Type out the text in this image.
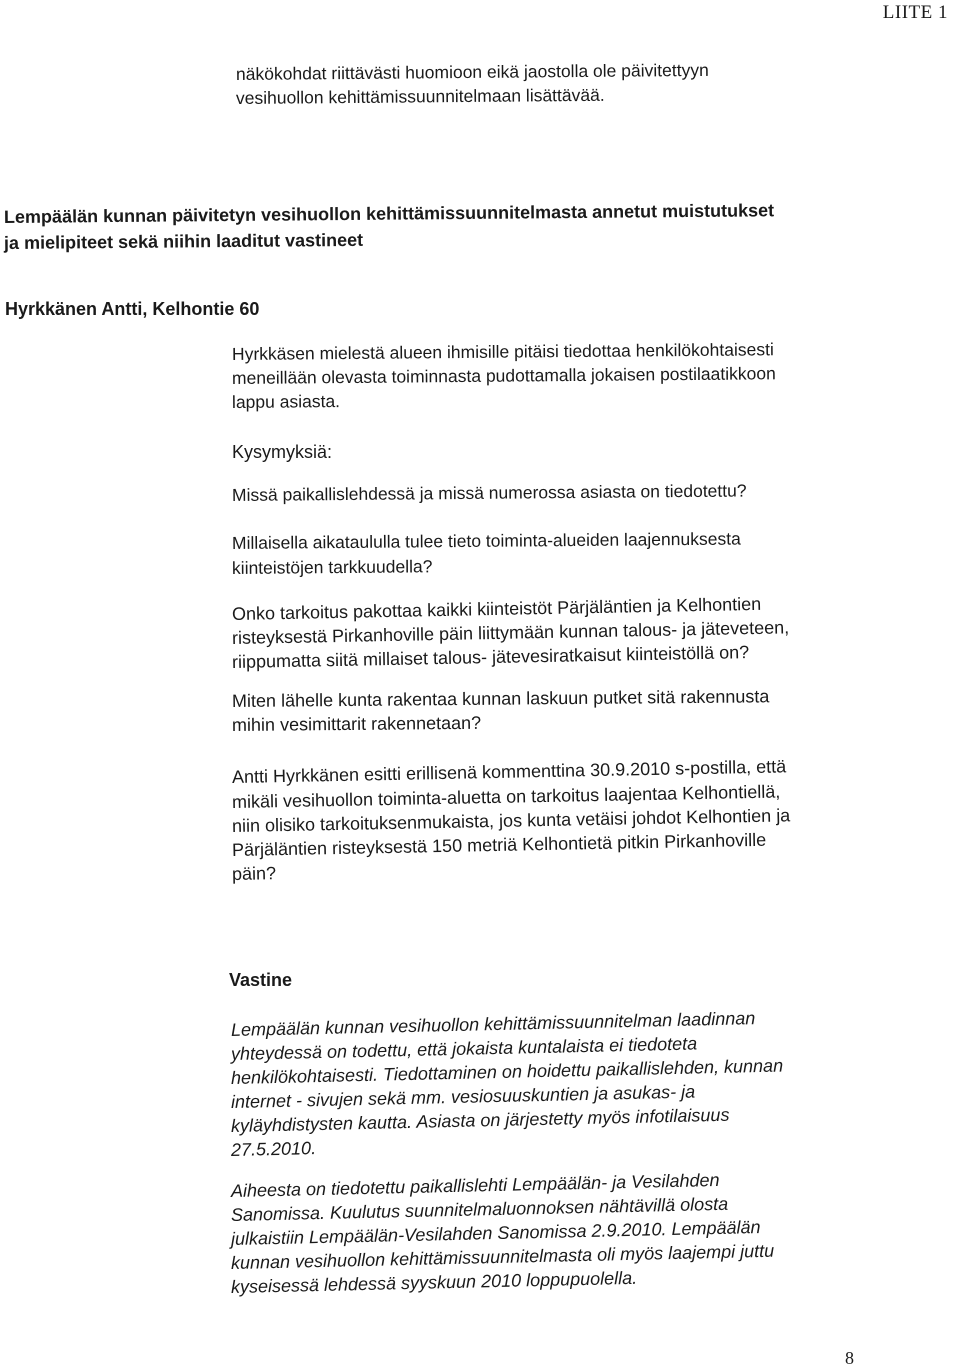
LIITE 1
näkökohdat riittävästi huomioon eikä jaostolla ole päivitettyyn
vesihuollon kehittämissuunnitelmaan lisättävää.
Lempäälän kunnan päivitetyn vesihuollon kehittämissuunnitelmasta annetut muistutukset
ja mielipiteet sekä niihin laaditut vastineet
Hyrkkänen Antti, Kelhontie 60
Hyrkkäsen mielestä alueen ihmisille pitäisi tiedottaa henkilökohtaisesti
meneillään olevasta toiminnasta pudottamalla jokaisen postilaatikkoon
lappu asiasta.
Kysymyksiä:
Missä paikallislehdessä ja missä numerossa asiasta on tiedotettu?
Millaisella aikataululla tulee tieto toiminta-alueiden laajennuksesta
kiinteistöjen tarkkuudella?
Onko tarkoitus pakottaa kaikki kiinteistöt Pärjäläntien ja Kelhontien
risteyksestä Pirkanhoville päin liittymään kunnan talous- ja jäteveteen,
riippumatta siitä millaiset talous- jätevesiratkaisut kiinteistöllä on?
Miten lähelle kunta rakentaa kunnan laskuun putket sitä rakennusta
mihin vesimittarit rakennetaan?
Antti Hyrkkänen esitti erillisenä kommenttina 30.9.2010 s-postilla, että
mikäli vesihuollon toiminta-aluetta on tarkoitus laajentaa Kelhontiellä,
niin olisiko tarkoituksenmukaista, jos kunta vetäisi johdot Kelhontien ja
Pärjäläntien risteyksestä 150 metriä Kelhontietä pitkin Pirkanhoville
päin?
Vastine
Lempäälän kunnan vesihuollon kehittämissuunnitelman laadinnan
yhteydessä on todettu, että jokaista kuntalaista ei tiedoteta
henkilökohtaisesti. Tiedottaminen on hoidettu paikallislehden, kunnan
internet - sivujen sekä mm. vesiosuuskuntien ja asukas- ja
kyläyhdistysten kautta. Asiasta on järjestetty myös infotilaisuus
27.5.2010.
Aiheesta on tiedotettu paikallislehti Lempäälän- ja Vesilahden
Sanomissa. Kuulutus suunnitelmaluonnoksen nähtävillä olosta
julkaistiin Lempäälän-Vesilahden Sanomissa 2.9.2010. Lempäälän
kunnan vesihuollon kehittämissuunnitelmasta oli myös laajempi juttu
kyseisessä lehdessä syyskuun 2010 loppupuolella.
8
